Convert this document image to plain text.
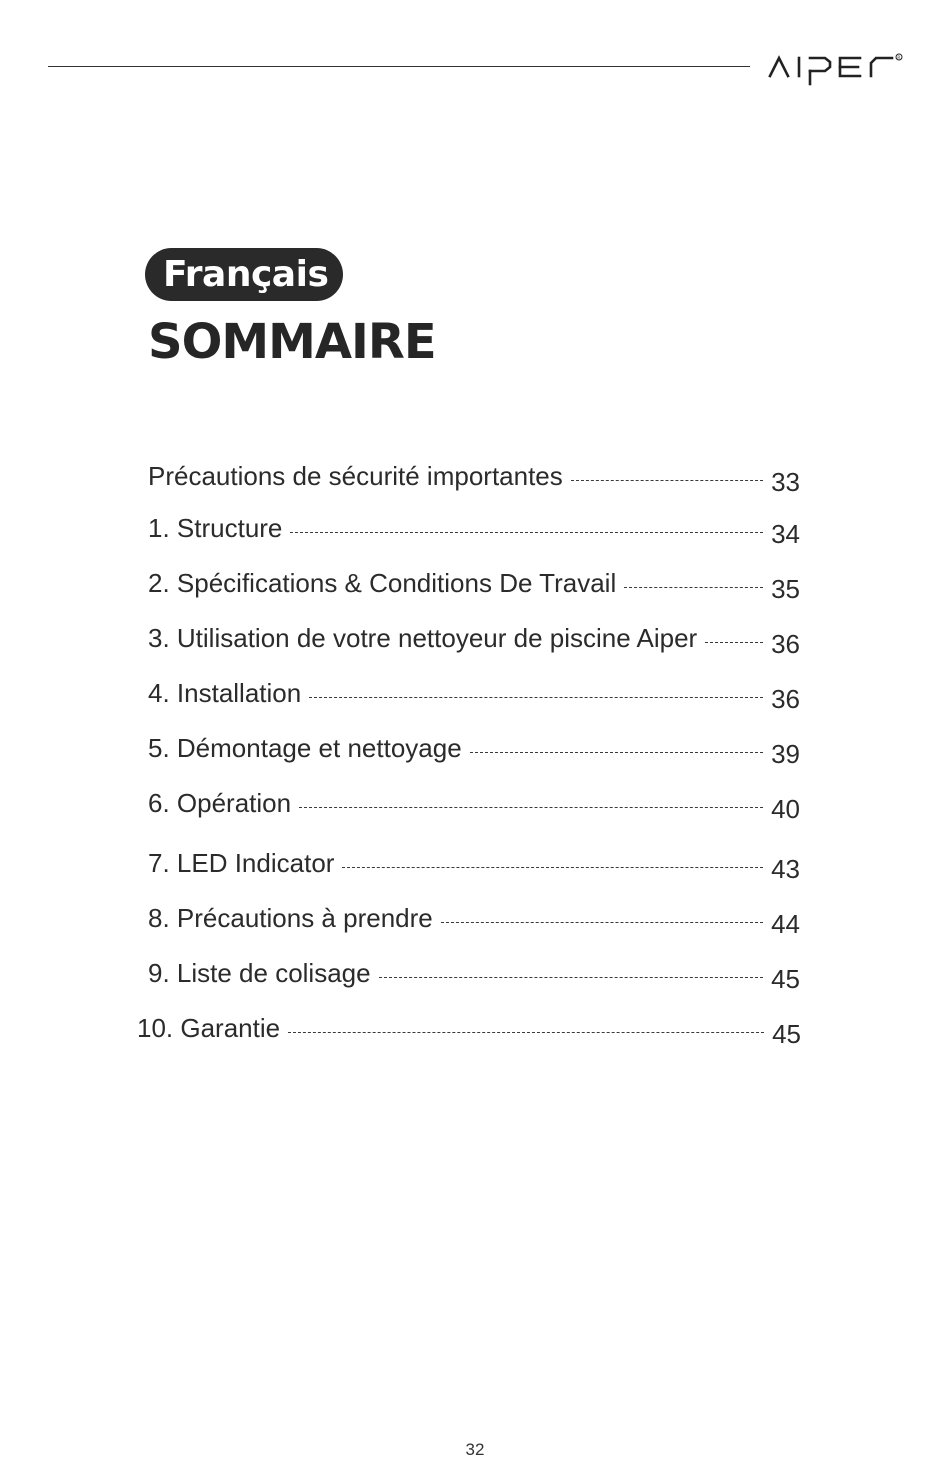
R
Français
SOMMAIRE
Précautions de sécurité importantes	33
1. Structure	34
2. Spécifications & Conditions De Travail	35
3. Utilisation de votre nettoyeur de piscine Aiper	36
4. Installation	36
5. Démontage et nettoyage	39
6. Opération	40
7. LED Indicator	43
8. Précautions à prendre	44
9. Liste de colisage	45
10. Garantie	45
32
